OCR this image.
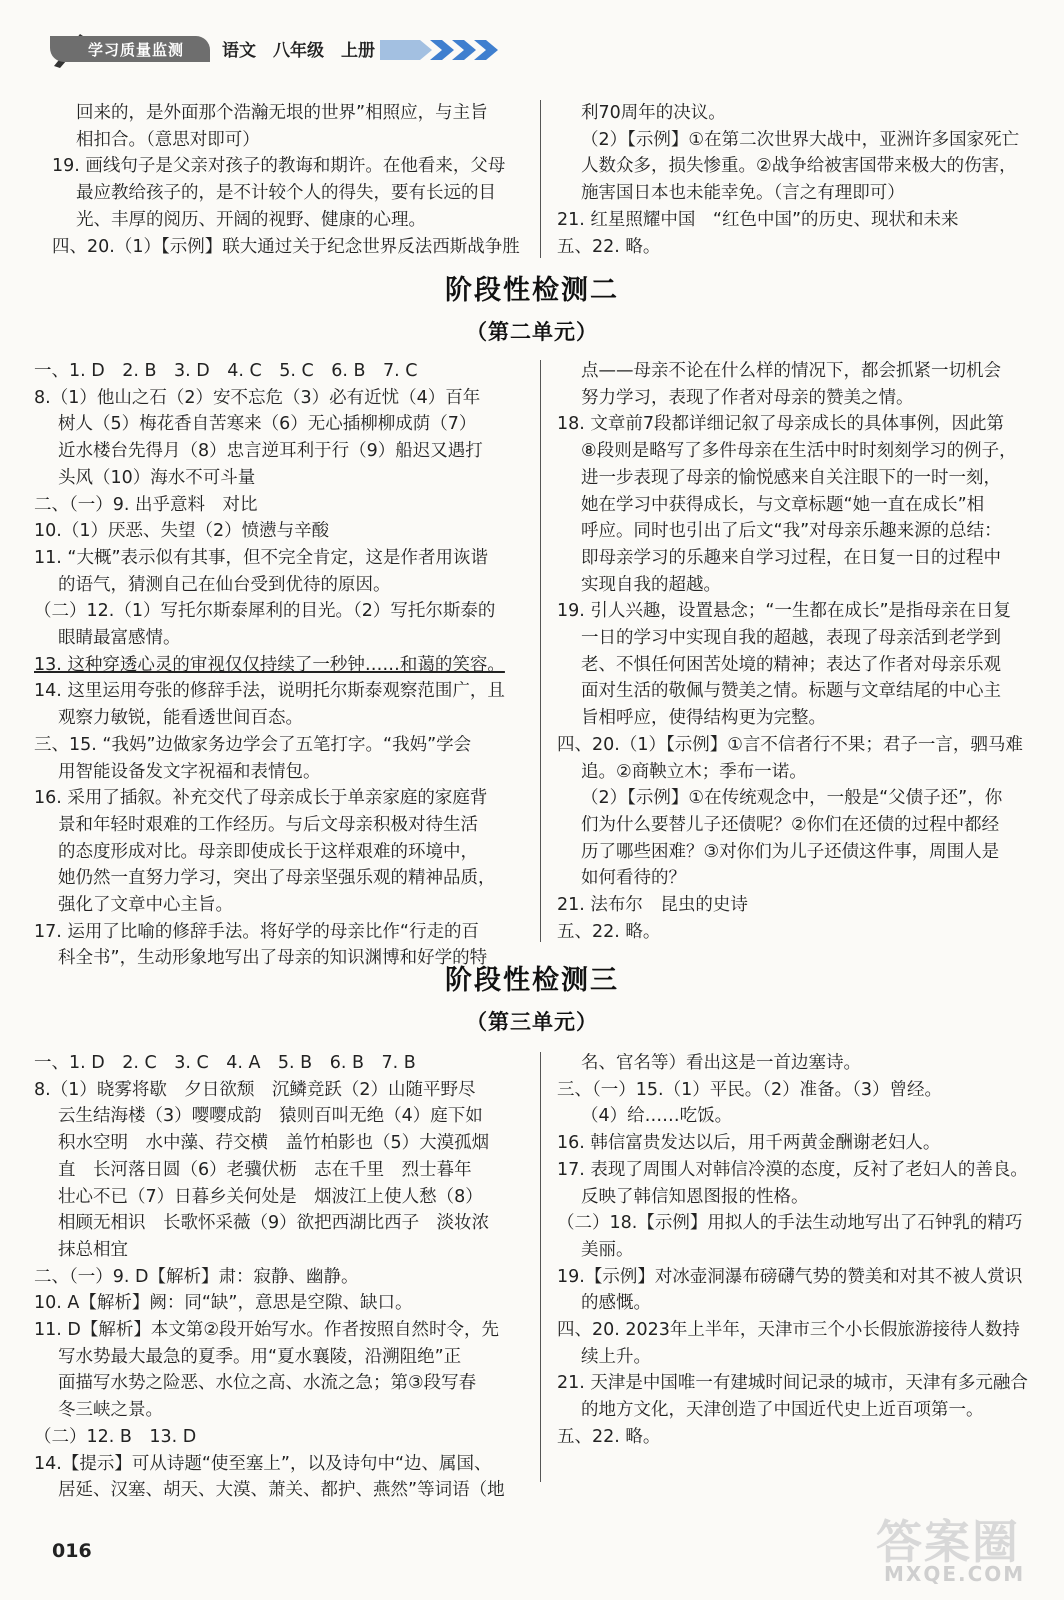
学习质量监测 语文　八年级　上册

回来的，是外面那个浩瀚无垠的世界”相照应，与主旨

相扣合。（意思对即可）

19. 画线句子是父亲对孩子的教诲和期许。在他看来，父母

最应教给孩子的，是不计较个人的得失，要有长远的目

光、丰厚的阅历、开阔的视野、健康的心理。

四、20.（1）【示例】联大通过关于纪念世界反法西斯战争胜

利70周年的决议。

（2）【示例】①在第二次世界大战中，亚洲许多国家死亡

人数众多，损失惨重。②战争给被害国带来极大的伤害，

施害国日本也未能幸免。（言之有理即可）

21. 红星照耀中国　“红色中国”的历史、现状和未来

五、22. 略。

阶段性检测二
（第二单元）

一、1. D　2. B　3. D　4. C　5. C　6. B　7. C

8.（1）他山之石（2）安不忘危（3）必有近忧（4）百年

树人（5）梅花香自苦寒来（6）无心插柳柳成荫（7）

近水楼台先得月（8）忠言逆耳利于行（9）船迟又遇打

头风（10）海水不可斗量

二、（一）9. 出乎意料　对比

10.（1）厌恶、失望（2）愤懑与辛酸

11. “大概”表示似有其事，但不完全肯定，这是作者用诙谐

的语气，猜测自己在仙台受到优待的原因。

（二）12.（1）写托尔斯泰犀利的目光。（2）写托尔斯泰的

眼睛最富感情。

13. 这种穿透心灵的审视仅仅持续了一秒钟……和蔼的笑容。

14. 这里运用夸张的修辞手法，说明托尔斯泰观察范围广，且

观察力敏锐，能看透世间百态。

三、15. “我妈”边做家务边学会了五笔打字。“我妈”学会

用智能设备发文字祝福和表情包。

16. 采用了插叙。补充交代了母亲成长于单亲家庭的家庭背

景和年轻时艰难的工作经历。与后文母亲积极对待生活

的态度形成对比。母亲即使成长于这样艰难的环境中，

她仍然一直努力学习，突出了母亲坚强乐观的精神品质，

强化了文章中心主旨。

17. 运用了比喻的修辞手法。将好学的母亲比作“行走的百

科全书”，生动形象地写出了母亲的知识渊博和好学的特

点——母亲不论在什么样的情况下，都会抓紧一切机会

努力学习，表现了作者对母亲的赞美之情。

18. 文章前7段都详细记叙了母亲成长的具体事例，因此第

⑧段则是略写了多件母亲在生活中时时刻刻学习的例子，

进一步表现了母亲的愉悦感来自关注眼下的一时一刻，

她在学习中获得成长，与文章标题“她一直在成长”相

呼应。同时也引出了后文“我”对母亲乐趣来源的总结：

即母亲学习的乐趣来自学习过程，在日复一日的过程中

实现自我的超越。

19. 引人兴趣，设置悬念；“一生都在成长”是指母亲在日复

一日的学习中实现自我的超越，表现了母亲活到老学到

老、不惧任何困苦处境的精神；表达了作者对母亲乐观

面对生活的敬佩与赞美之情。标题与文章结尾的中心主

旨相呼应，使得结构更为完整。

四、20.（1）【示例】①言不信者行不果；君子一言，驷马难

追。②商鞅立木；季布一诺。

（2）【示例】①在传统观念中，一般是“父债子还”，你

们为什么要替儿子还债呢？②你们在还债的过程中都经

历了哪些困难？③对你们为儿子还债这件事，周围人是

如何看待的？

21. 法布尔　昆虫的史诗

五、22. 略。

阶段性检测三
（第三单元）

一、1. D　2. C　3. C　4. A　5. B　6. B　7. B

8.（1）晓雾将歇　夕日欲颓　沉鳞竞跃（2）山随平野尽

云生结海楼（3）嘤嘤成韵　猿则百叫无绝（4）庭下如

积水空明　水中藻、荇交横　盖竹柏影也（5）大漠孤烟

直　长河落日圆（6）老骥伏枥　志在千里　烈士暮年

壮心不已（7）日暮乡关何处是　烟波江上使人愁（8）

相顾无相识　长歌怀采薇（9）欲把西湖比西子　淡妆浓

抹总相宜

二、（一）9. D【解析】肃：寂静、幽静。

10. A【解析】阙：同“缺”，意思是空隙、缺口。

11. D【解析】本文第②段开始写水。作者按照自然时令，先

写水势最大最急的夏季。用“夏水襄陵，沿溯阻绝”正

面描写水势之险恶、水位之高、水流之急；第③段写春

冬三峡之景。

（二）12. B　13. D

14.【提示】可从诗题“使至塞上”，以及诗句中“边、属国、

居延、汉塞、胡天、大漠、萧关、都护、燕然”等词语（地

名、官名等）看出这是一首边塞诗。

三、（一）15.（1）平民。（2）准备。（3）曾经。

（4）给……吃饭。

16. 韩信富贵发达以后，用千两黄金酬谢老妇人。

17. 表现了周围人对韩信冷漠的态度，反衬了老妇人的善良。

反映了韩信知恩图报的性格。

（二）18.【示例】用拟人的手法生动地写出了石钟乳的精巧

美丽。

19.【示例】对冰壶洞瀑布磅礴气势的赞美和对其不被人赏识

的感慨。

四、20. 2023年上半年，天津市三个小长假旅游接待人数持

续上升。

21. 天津是中国唯一有建城时间记录的城市，天津有多元融合

的地方文化，天津创造了中国近代史上近百项第一。

五、22. 略。

016	答案圈
MXQE.COM
